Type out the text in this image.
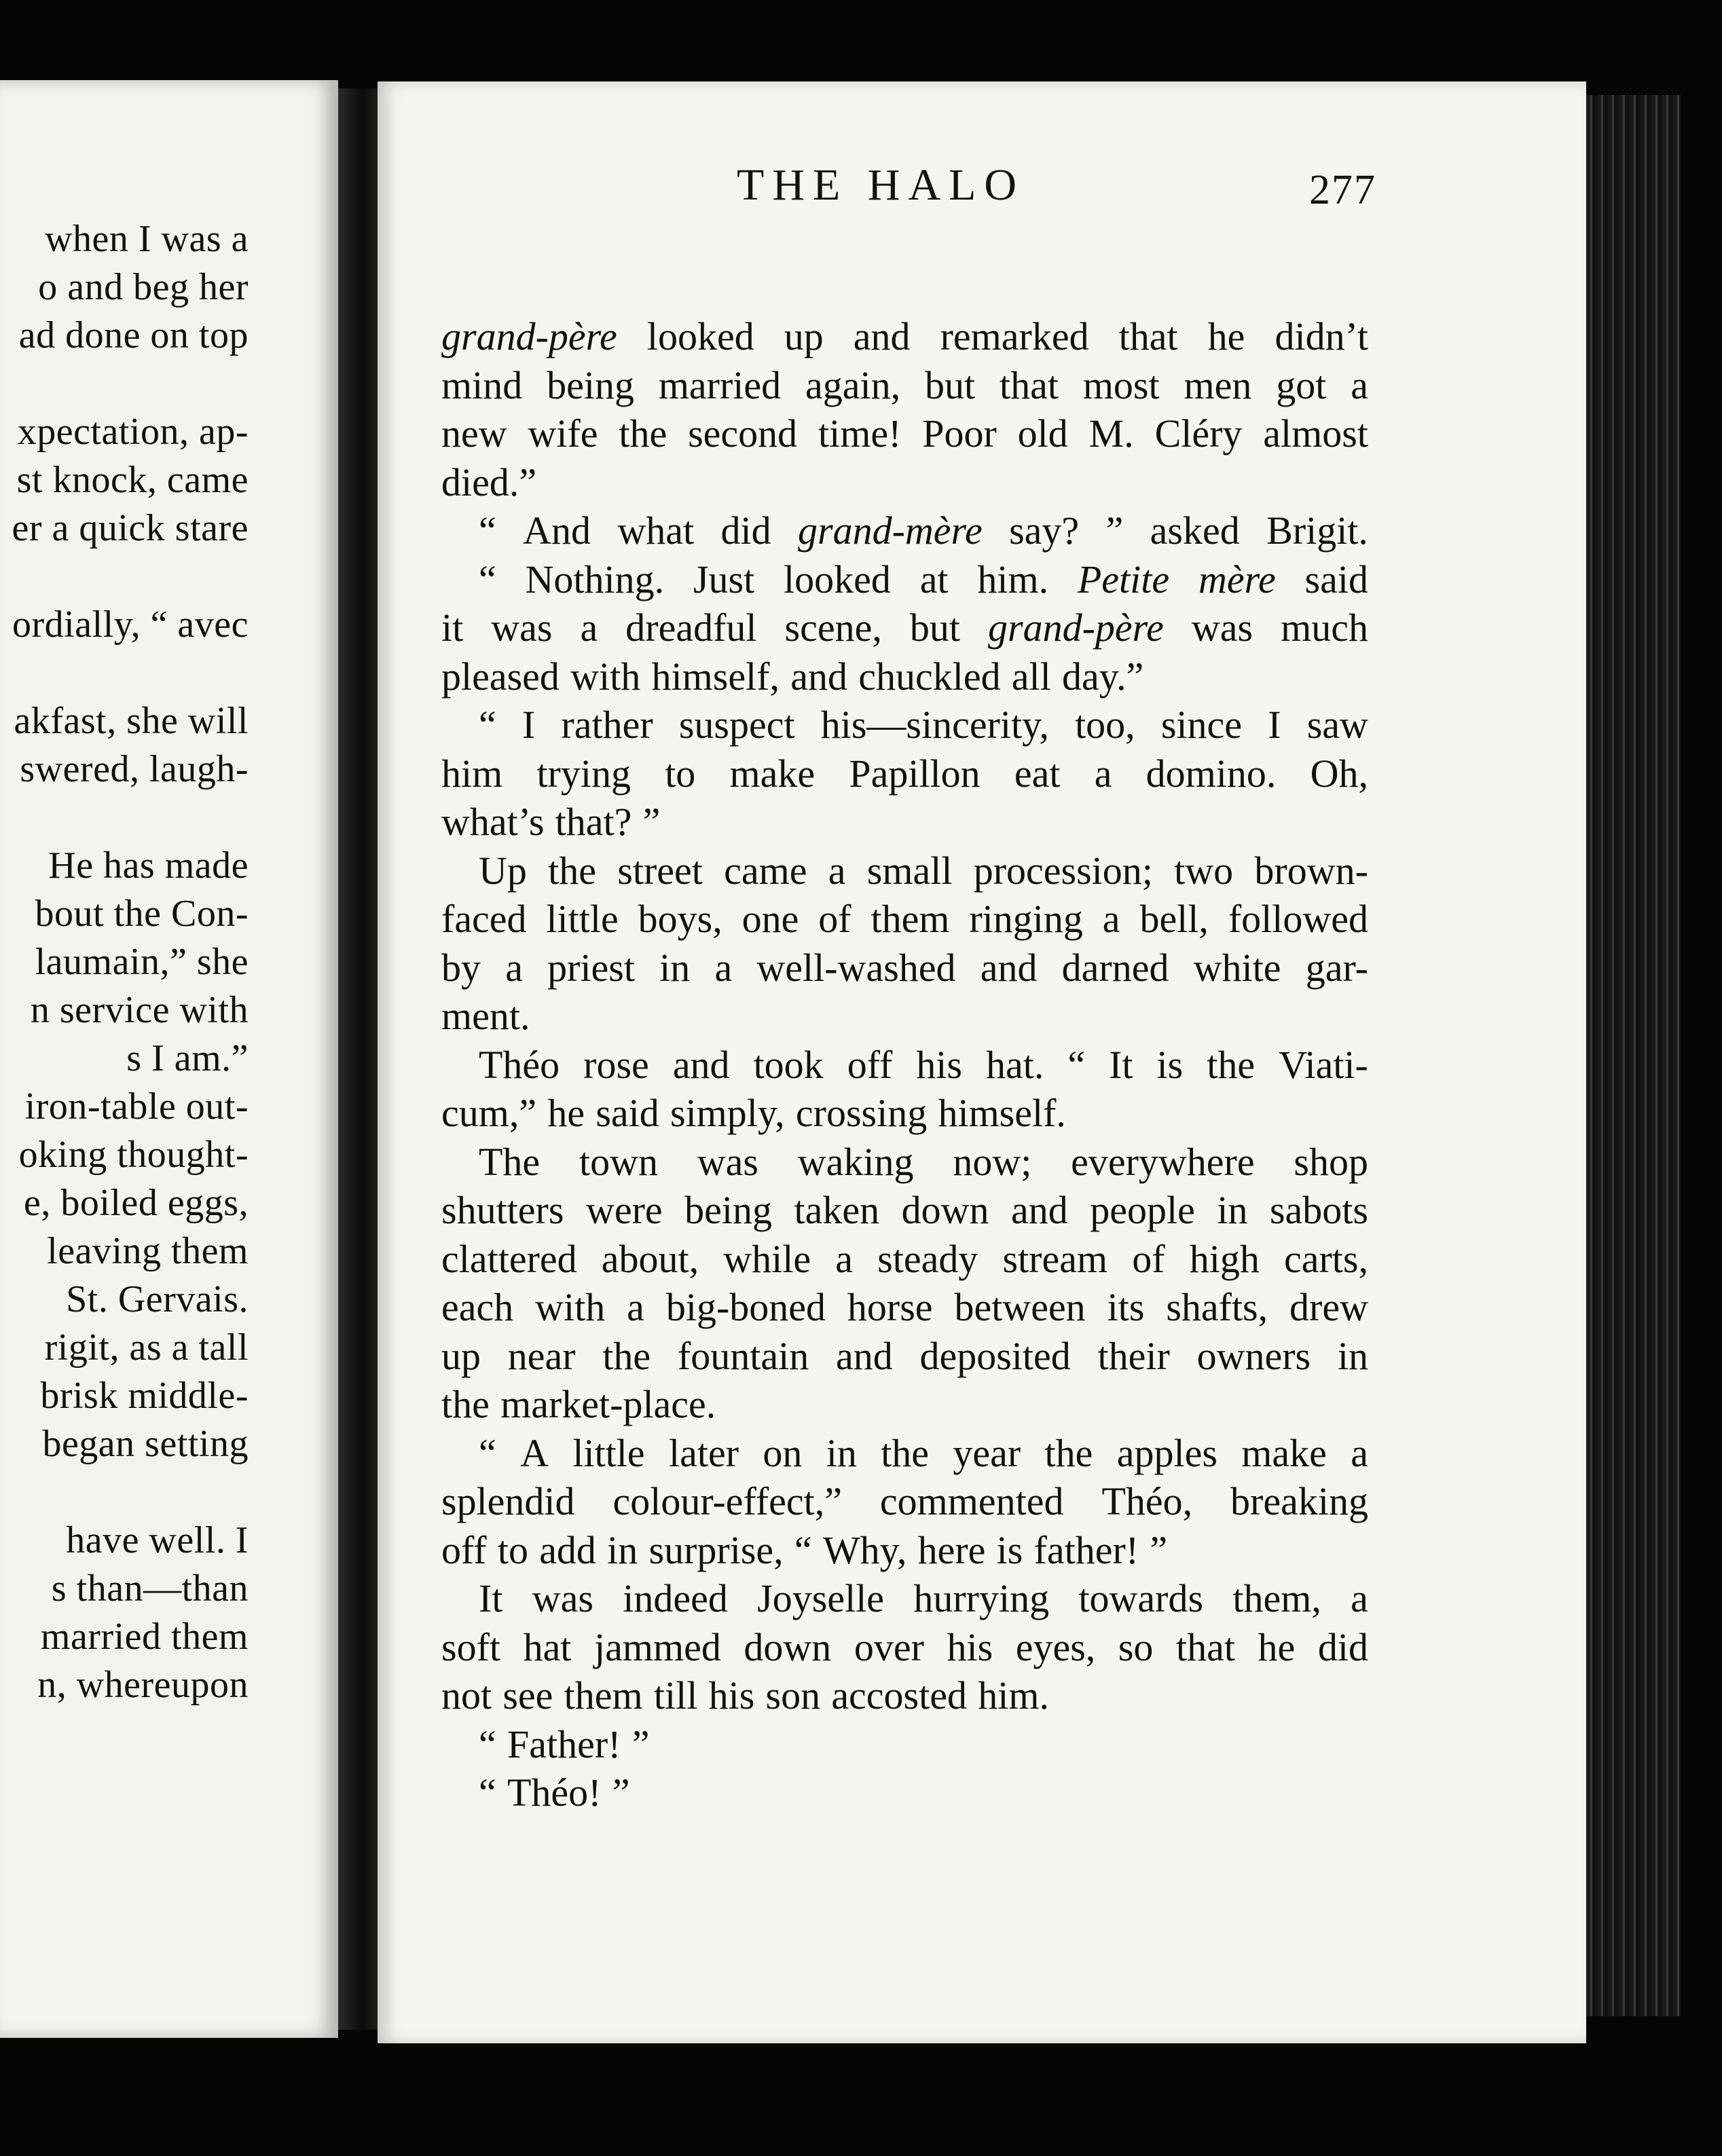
when I was a
o and beg her
ad done on top
xpectation, ap-
st knock, came
er a quick stare
ordially, “ avec
akfast, she will
swered, laugh-
He has made
bout the Con-
laumain,” she
n service with
s I am.”
iron-table out-
oking thought-
e, boiled eggs,
leaving them
St. Gervais.
rigit, as a tall
brisk middle-
began setting
have well. I
s than—than
married them
n, whereupon
THE HALO	277
grand-père looked up and remarked that he didn’t
mind being married again, but that most men got a
new wife the second time! Poor old M. Cléry almost
died.”
“ And what did grand-mère say? ” asked Brigit.
“ Nothing. Just looked at him. Petite mère said
it was a dreadful scene, but grand-père was much
pleased with himself, and chuckled all day.”
“ I rather suspect his—sincerity, too, since I saw
him trying to make Papillon eat a domino. Oh,
what’s that? ”
Up the street came a small procession; two brown-
faced little boys, one of them ringing a bell, followed
by a priest in a well-washed and darned white gar-
ment.
Théo rose and took off his hat. “ It is the Viati-
cum,” he said simply, crossing himself.
The town was waking now; everywhere shop
shutters were being taken down and people in sabots
clattered about, while a steady stream of high carts,
each with a big-boned horse between its shafts, drew
up near the fountain and deposited their owners in
the market-place.
“ A little later on in the year the apples make a
splendid colour-effect,” commented Théo, breaking
off to add in surprise, “ Why, here is father! ”
It was indeed Joyselle hurrying towards them, a
soft hat jammed down over his eyes, so that he did
not see them till his son accosted him.
“ Father! ”
“ Théo! ”
